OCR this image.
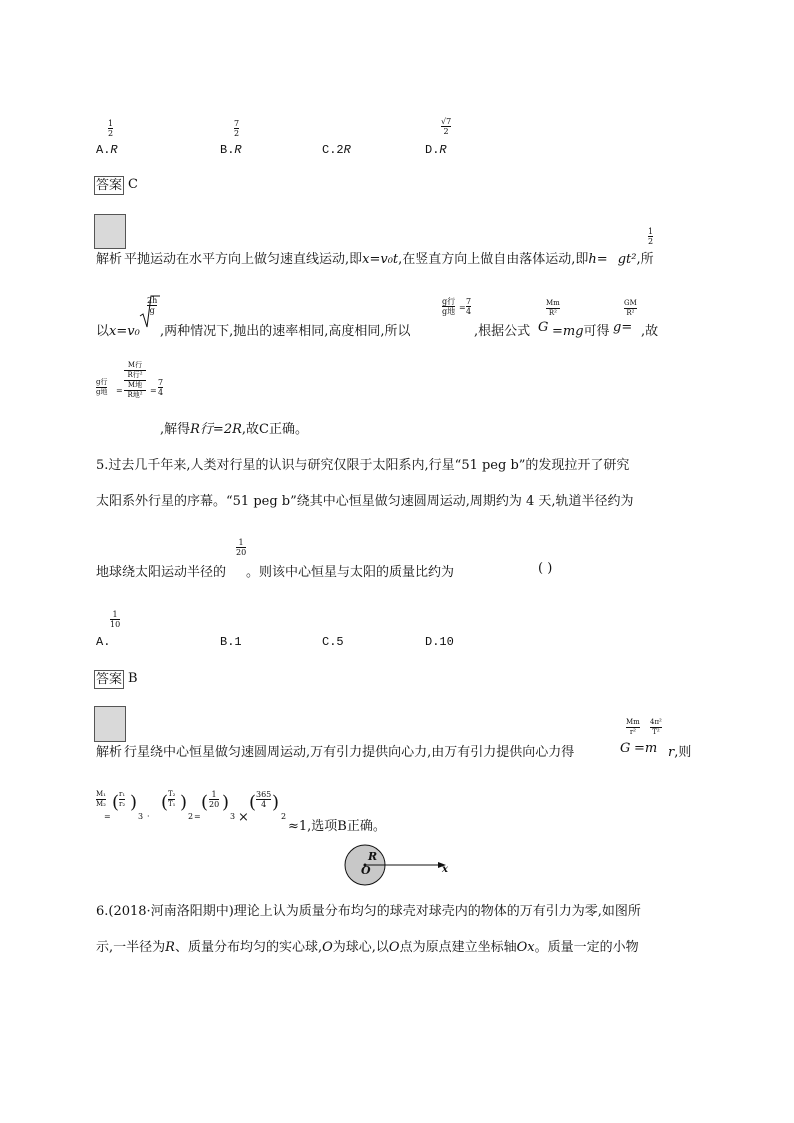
$\frac{1}{2}$
A.R
$\frac{7}{2}$
B.R	C.2R
$\frac{√7}{2}$
D.R
答案 C
解析 平抛运动在水平方向上做匀速直线运动,即x=v₀t,在竖直方向上做自由落体运动,即h= gt²,所
$\frac{1}{2}$
以x=v₀
$\frac{2h}{g}$
,两种情况下,抛出的速率相同,高度相同,所以
g行
g地 = $\frac{7}{4}$
,根据公式
$\frac{Mm}{\text{R²}}$
G =mg可得
$\frac{GM}{\text{R²}}$
g= ,故
g行
g地 =
M行
R行²
M地
R地$^2 = \frac{7}{4}$
,解得R行=2R,故C正确。
5.过去几千年来,人类对行星的认识与研究仅限于太阳系内,行星“51 peg b”的发现拉开了研究
太阳系外行星的序幕。“51 peg b”绕其中心恒星做匀速圆周运动,周期约为 4 天,轨道半径约为
地球绕太阳运动半径的
$\frac{1}{20}$
。则该中心恒星与太阳的质量比约为	( )
$\frac{1}{10}$
A.	B.1	C.5	D.10
答案 B
解析 行星绕中心恒星做匀速圆周运动,万有引力提供向心力,由万有引力提供向心力得
$\frac{Mm}{\text{r²}}$
G =m
$\frac{\text{4π²}}{\text{T²}}$
r,则
$\frac{\text{M₁}}{\text{M₂}}$
=
( $\frac{\text{r₁}}{\text{r₂}}$ )
3 ·
( $\frac{\text{T₂}}{\text{T₁}}$ )
2 =
( $\frac{1}{20}$ )
3 ×
( $\frac{365}{4}$ )
2
≈1,选项B正确。
R
O	x
6.(2018·河南洛阳期中)理论上认为质量分布均匀的球壳对球壳内的物体的万有引力为零,如图所
示,一半径为R、质量分布均匀的实心球,O为球心,以O点为原点建立坐标轴Ox。质量一定的小物
